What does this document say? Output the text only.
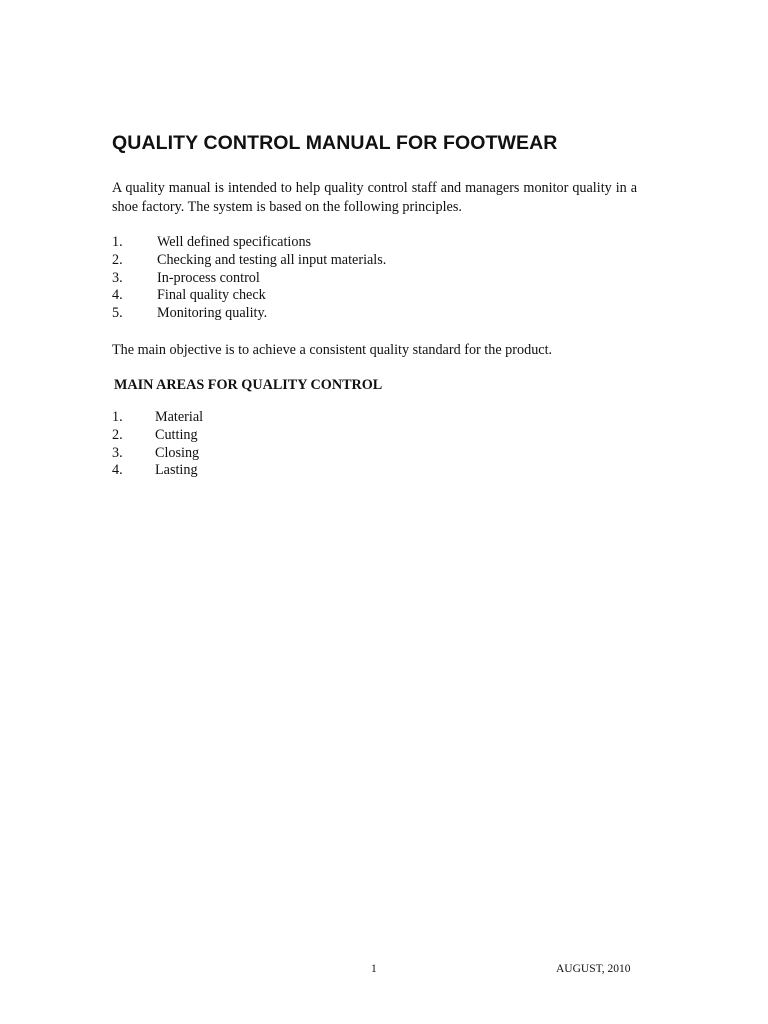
QUALITY CONTROL MANUAL FOR FOOTWEAR

A quality manual is intended to help quality control staff and managers monitor quality in a shoe factory. The system is based on the following principles.

1. Well defined specifications
2. Checking and testing all input materials.
3. In-process control
4. Final quality check
5. Monitoring quality.

The main objective is to achieve a consistent quality standard for the product.

MAIN AREAS FOR QUALITY CONTROL
1. Material
2. Cutting
3. Closing
4. Lasting
1	AUGUST, 2010
